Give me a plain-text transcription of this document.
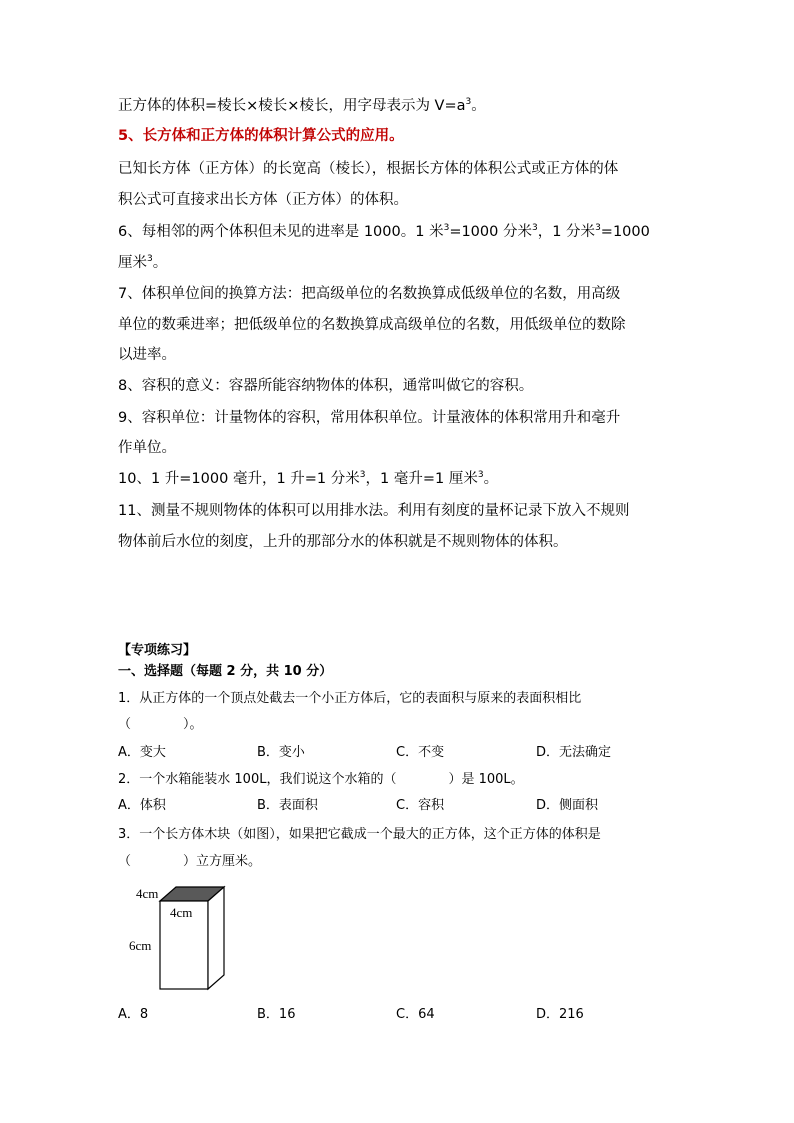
正方体的体积=棱长×棱长×棱长，用字母表示为 $V=a^3$。
5、长方体和正方体的体积计算公式的应用。
已知长方体（正方体）的长宽高（棱长），根据长方体的体积公式或正方体的体
积公式可直接求出长方体（正方体）的体积。
6、每相邻的两个体积但未见的进率是 1000。1 米$^3$=1000 分米$^3$，1 分米$^3$=1000
厘米$^3$。
7、体积单位间的换算方法：把高级单位的名数换算成低级单位的名数，用高级
单位的数乘进率；把低级单位的名数换算成高级单位的名数，用低级单位的数除
以进率。
8、容积的意义：容器所能容纳物体的体积，通常叫做它的容积。
9、容积单位：计量物体的容积，常用体积单位。计量液体的体积常用升和毫升
作单位。
10、1 升=1000 毫升，1 升=1 分米$^3$，1 毫升=1 厘米$^3$。
11、测量不规则物体的体积可以用排水法。利用有刻度的量杯记录下放入不规则
物体前后水位的刻度，上升的那部分水的体积就是不规则物体的体积。
【专项练习】
一、选择题（每题 2 分，共 10 分）
1．从正方体的一个顶点处截去一个小正方体后，它的表面积与原来的表面积相比
（　　　　）。
A．变大	B．变小	C．不变	D．无法确定
2．一个水箱能装水 100L，我们说这个水箱的（　　　　）是 100L。
A．体积	B．表面积	C．容积	D．侧面积
3．一个长方体木块（如图），如果把它截成一个最大的正方体，这个正方体的体积是
（　　　　）立方厘米。
4cm
4cm
6cm
A．8	B．16	C．64	D．216
